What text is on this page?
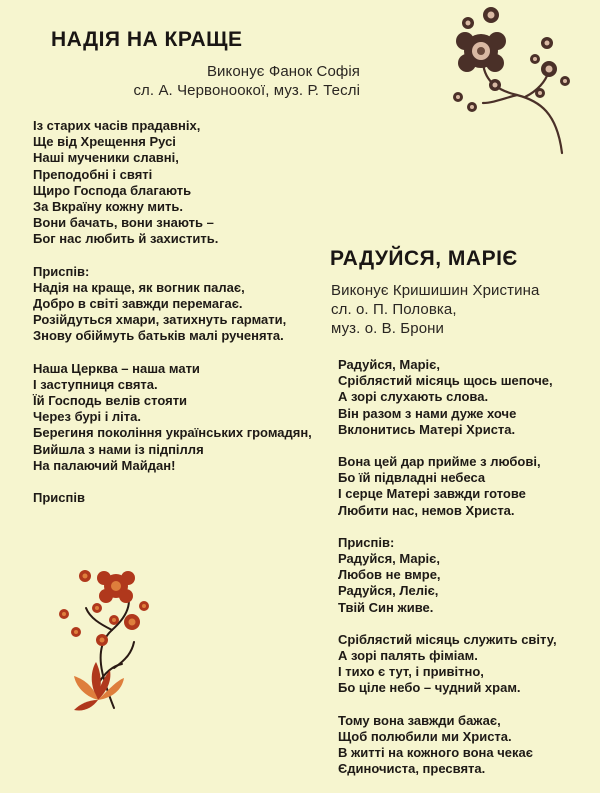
НАДІЯ НА КРАЩЕ
Виконує Фанок Софія
сл. А. Червоноокої, муз. Р. Теслі
Із старих часів прадавніх,
Ще від Хрещення Русі
Наші мученики славні,
Преподобні і святі
Щиро Господа благають
За Вкраїну кожну мить.
Вони бачать, вони знають –
Бог нас любить й захистить.
Приспів:
Надія на краще, як вогник палає,
Добро в світі завжди перемагає.
Розійдуться хмари, затихнуть гармати,
Знову обіймуть батьків малі рученята.
Наша Церква – наша мати
І заступниця свята.
Їй Господь велів стояти
Через бурі і літа.
Берегиня покоління українських громадян,
Вийшла з нами із підпілля
На палаючий Майдан!
Приспів
РАДУЙСЯ, МАРІЄ
Виконує Кришишин Христина
сл. о. П. Половка,
муз. о. В. Брони
Радуйся, Маріє,
Сріблястий місяць щось шепоче,
А зорі слухають слова.
Він разом з нами дуже хоче
Вклонитись Матері Христа.
Вона цей дар прийме з любові,
Бо їй підвладні небеса
І серце Матері завжди готове
Любити нас, немов Христа.
Приспів:
Радуйся, Маріє,
Любов не вмре,
Радуйся, Леліє,
Твій Син живе.
Сріблястий місяць служить світу,
А зорі палять фіміам.
І тихо є тут, і привітно,
Бо ціле небо – чудний храм.
Тому вона завжди бажає,
Щоб полюбили ми Христа.
В житті на кожного вона чекає
Єдиночиста, пресвята.
